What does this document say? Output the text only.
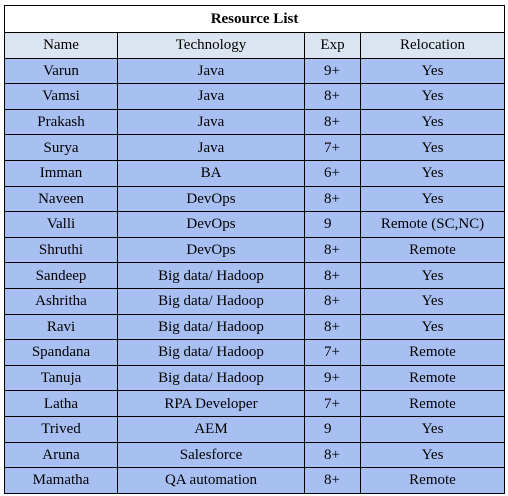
Resource List			
Name	Technology	Exp	Relocation
Varun	Java	9+	Yes
Vamsi	Java	8+	Yes
Prakash	Java	8+	Yes
Surya	Java	7+	Yes
Imman	BA	6+	Yes
Naveen	DevOps	8+	Yes
Valli	DevOps	9	Remote (SC,NC)
Shruthi	DevOps	8+	Remote
Sandeep	Big data/ Hadoop	8+	Yes
Ashritha	Big data/ Hadoop	8+	Yes
Ravi	Big data/ Hadoop	8+	Yes
Spandana	Big data/ Hadoop	7+	Remote
Tanuja	Big data/ Hadoop	9+	Remote
Latha	RPA Developer	7+	Remote
Trived	AEM	9	Yes
Aruna	Salesforce	8+	Yes
Mamatha	QA automation	8+	Remote
